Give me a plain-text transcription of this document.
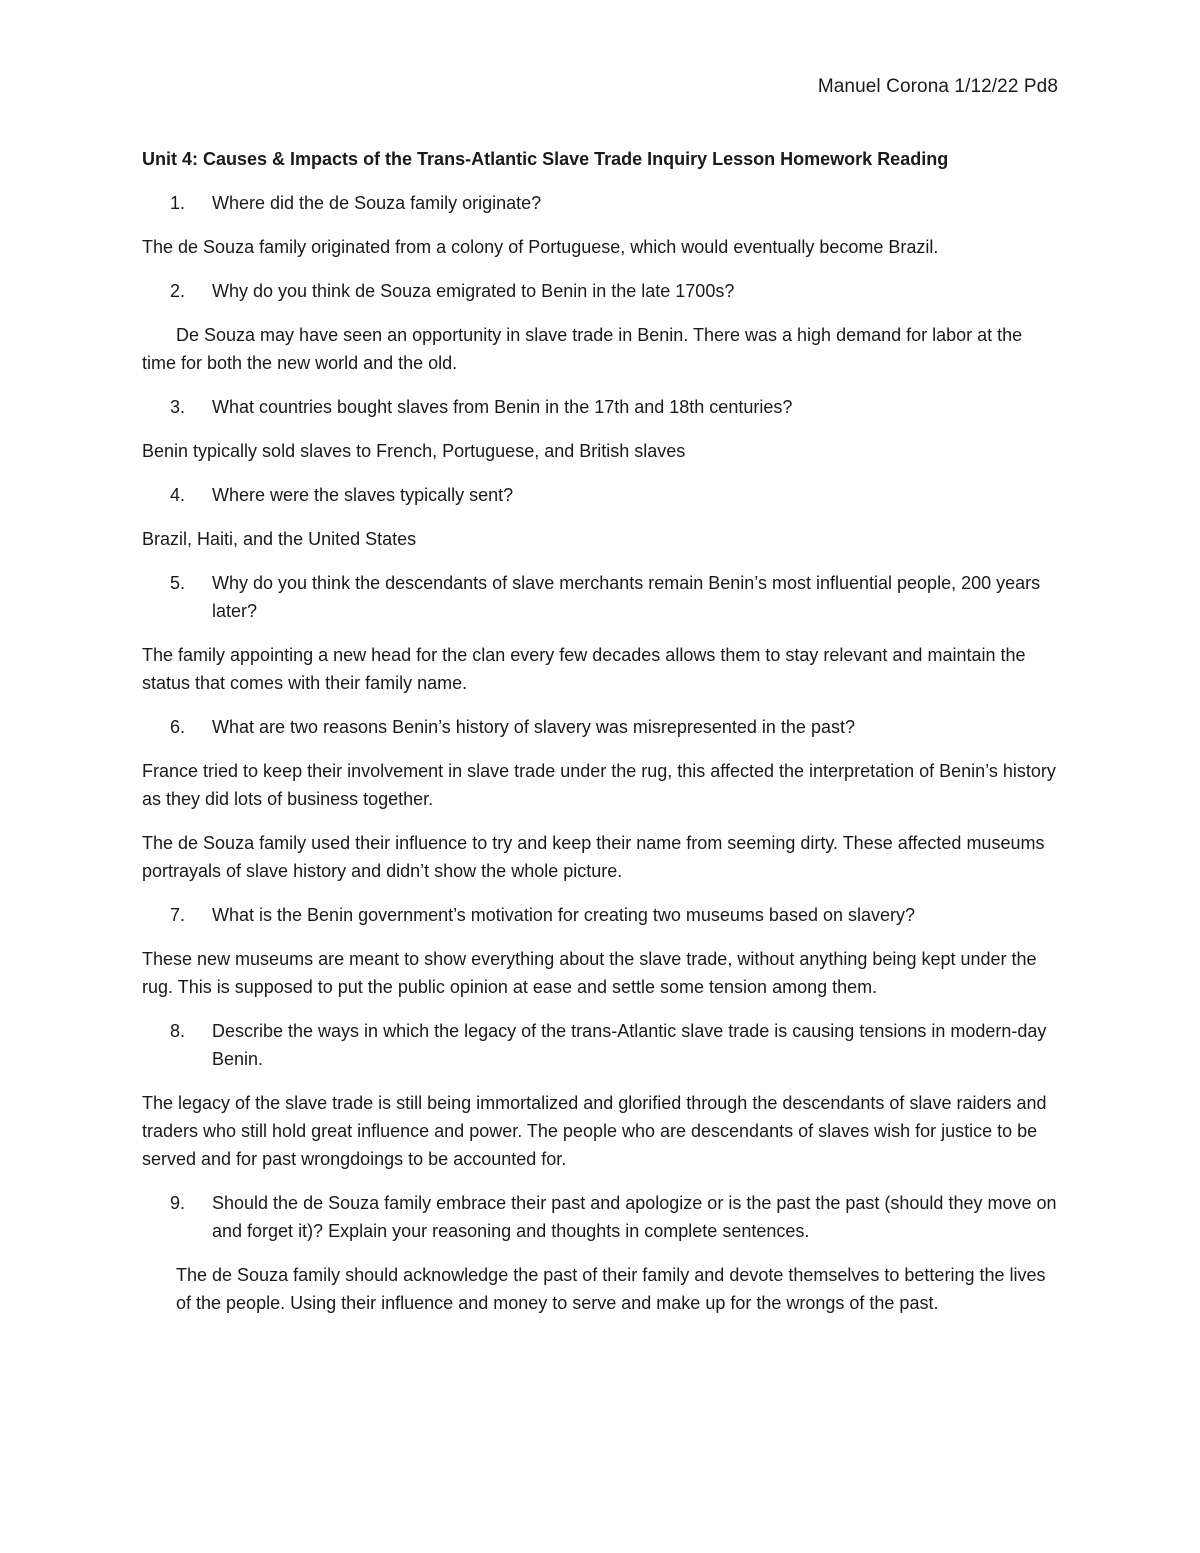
Manuel Corona 1/12/22 Pd8
Unit 4: Causes & Impacts of the Trans-Atlantic Slave Trade Inquiry Lesson Homework Reading
1.	Where did the de Souza family originate?

The de Souza family originated from a colony of Portuguese, which would eventually become Brazil.

2.	Why do you think de Souza emigrated to Benin in the late 1700s?

De Souza may have seen an opportunity in slave trade in Benin. There was a high demand for labor at the time for both the new world and the old.

3.	What countries bought slaves from Benin in the 17th and 18th centuries?

Benin typically sold slaves to French, Portuguese, and British slaves

4.	Where were the slaves typically sent?

Brazil, Haiti, and the United States

5.	Why do you think the descendants of slave merchants remain Benin’s most influential people, 200 years later?

The family appointing a new head for the clan every few decades allows them to stay relevant and maintain the status that comes with their family name.

6.	What are two reasons Benin’s history of slavery was misrepresented in the past?

France tried to keep their involvement in slave trade under the rug, this affected the interpretation of Benin’s history as they did lots of business together.

The de Souza family used their influence to try and keep their name from seeming dirty. These affected museums portrayals of slave history and didn’t show the whole picture.

7.	What is the Benin government’s motivation for creating two museums based on slavery?

These new museums are meant to show everything about the slave trade, without anything being kept under the rug. This is supposed to put the public opinion at ease and settle some tension among them.

8.	Describe the ways in which the legacy of the trans-Atlantic slave trade is causing tensions in modern-day Benin.

The legacy of the slave trade is still being immortalized and glorified through the descendants of slave raiders and traders who still hold great influence and power. The people who are descendants of slaves wish for justice to be served and for past wrongdoings to be accounted for.

9.	Should the de Souza family embrace their past and apologize or is the past the past (should they move on and forget it)? Explain your reasoning and thoughts in complete sentences.

The de Souza family should acknowledge the past of their family and devote themselves to bettering the lives of the people. Using their influence and money to serve and make up for the wrongs of the past.
